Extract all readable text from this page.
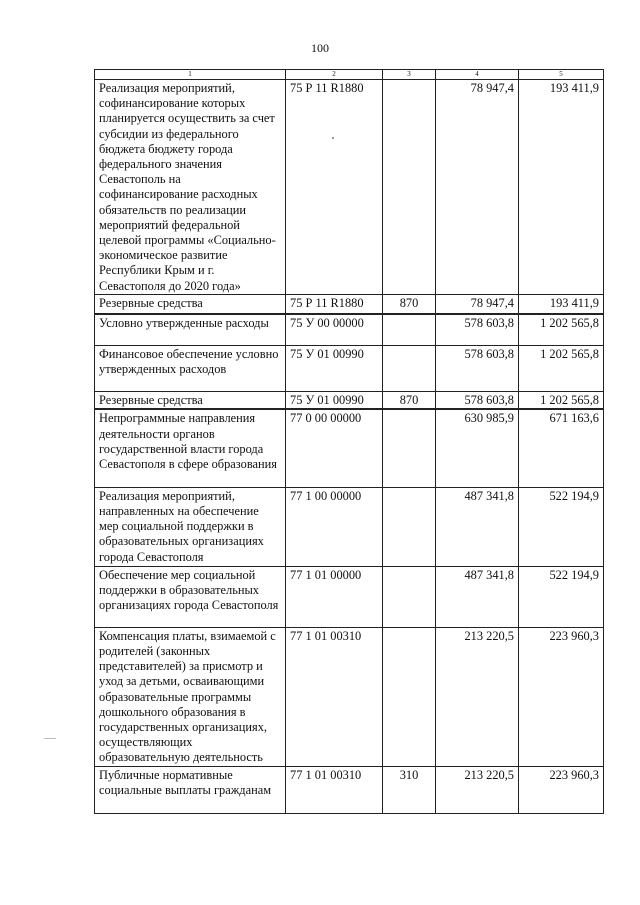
100
1	2	3	4	5
Реализация мероприятий, софинансирование которых планируется осуществить за счет субсидии из федерального бюджета бюджету города федерального значения Севастополь на софинансирование расходных обязательств по реализации мероприятий федеральной целевой программы «Социально-экономическое развитие Республики Крым и г. Севастополя до 2020 года»	75 Р 11 R1880		78 947,4	193 411,9
Резервные средства	75 Р 11 R1880	870	78 947,4	193 411,9
Условно утвержденные расходы	75 У 00 00000		578 603,8	1 202 565,8
Финансовое обеспечение условно утвержденных расходов	75 У 01 00990		578 603,8	1 202 565,8
Резервные средства	75 У 01 00990	870	578 603,8	1 202 565,8
Непрограммные направления деятельности органов государственной власти города Севастополя в сфере образования	77 0 00 00000		630 985,9	671 163,6
Реализация мероприятий, направленных на обеспечение мер социальной поддержки в образовательных организациях города Севастополя	77 1 00 00000		487 341,8	522 194,9
Обеспечение мер социальной поддержки в образовательных организациях города Севастополя	77 1 01 00000		487 341,8	522 194,9
Компенсация платы, взимаемой с родителей (законных представителей) за присмотр и уход за детьми, осваивающими образовательные программы дошкольного образования в государственных организациях, осуществляющих образовательную деятельность	77 1 01 00310		213 220,5	223 960,3
Публичные нормативные социальные выплаты гражданам	77 1 01 00310	310	213 220,5	223 960,3
